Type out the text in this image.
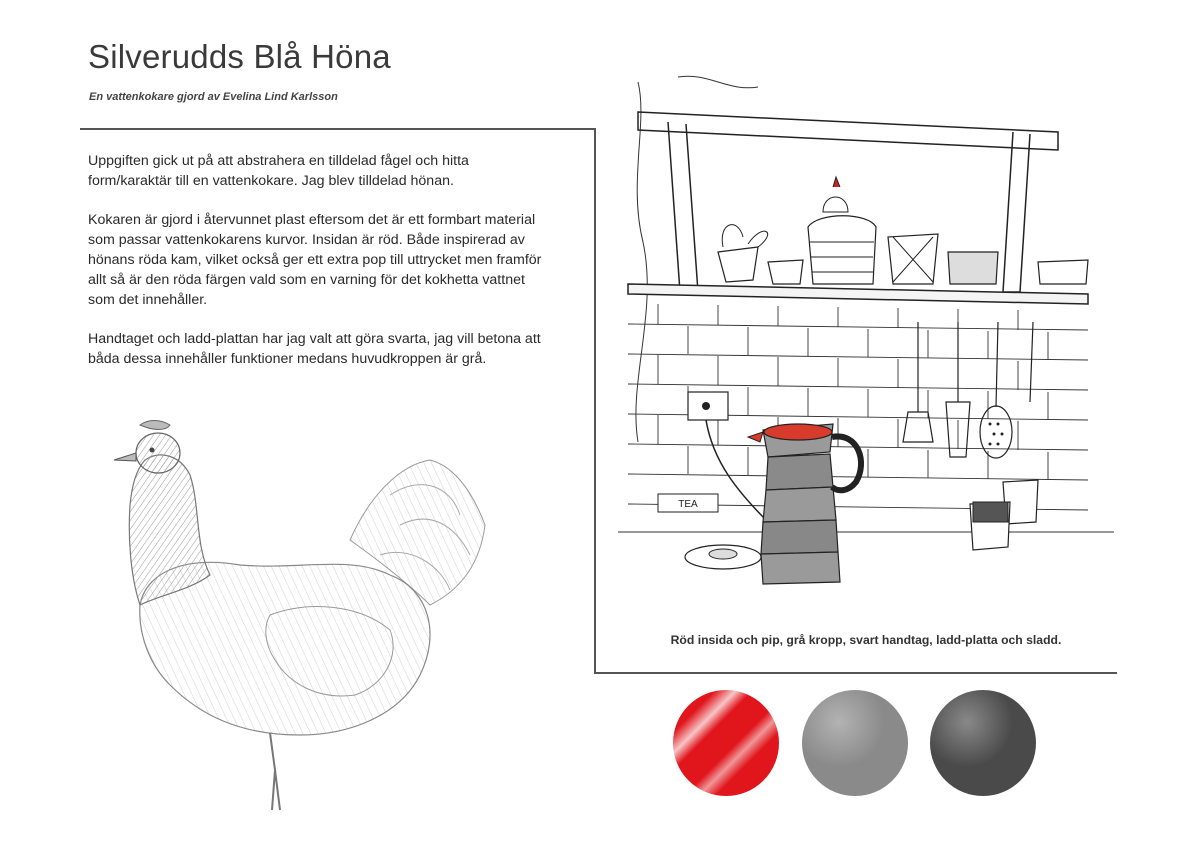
Silverudds Blå Höna
En vattenkokare gjord av Evelina Lind Karlsson

Uppgiften gick ut på att abstrahera en tilldelad fågel och hitta form/karaktär till en vattenkokare. Jag blev tilldelad hönan.

Kokaren är gjord i återvunnet plast eftersom det är ett formbart material som passar vattenkokarens kurvor. Insidan är röd. Både inspirerad av hönans röda kam, vilket också ger ett extra pop till uttrycket men framför allt så är den röda färgen vald som en varning för det kokhetta vattnet som det innehåller.

Handtaget och ladd-plattan har jag valt att göra svarta, jag vill betona att båda dessa innehåller funktioner medans huvudkroppen är grå.

TEA
Röd insida och pip, grå kropp, svart handtag, ladd-platta och sladd.
